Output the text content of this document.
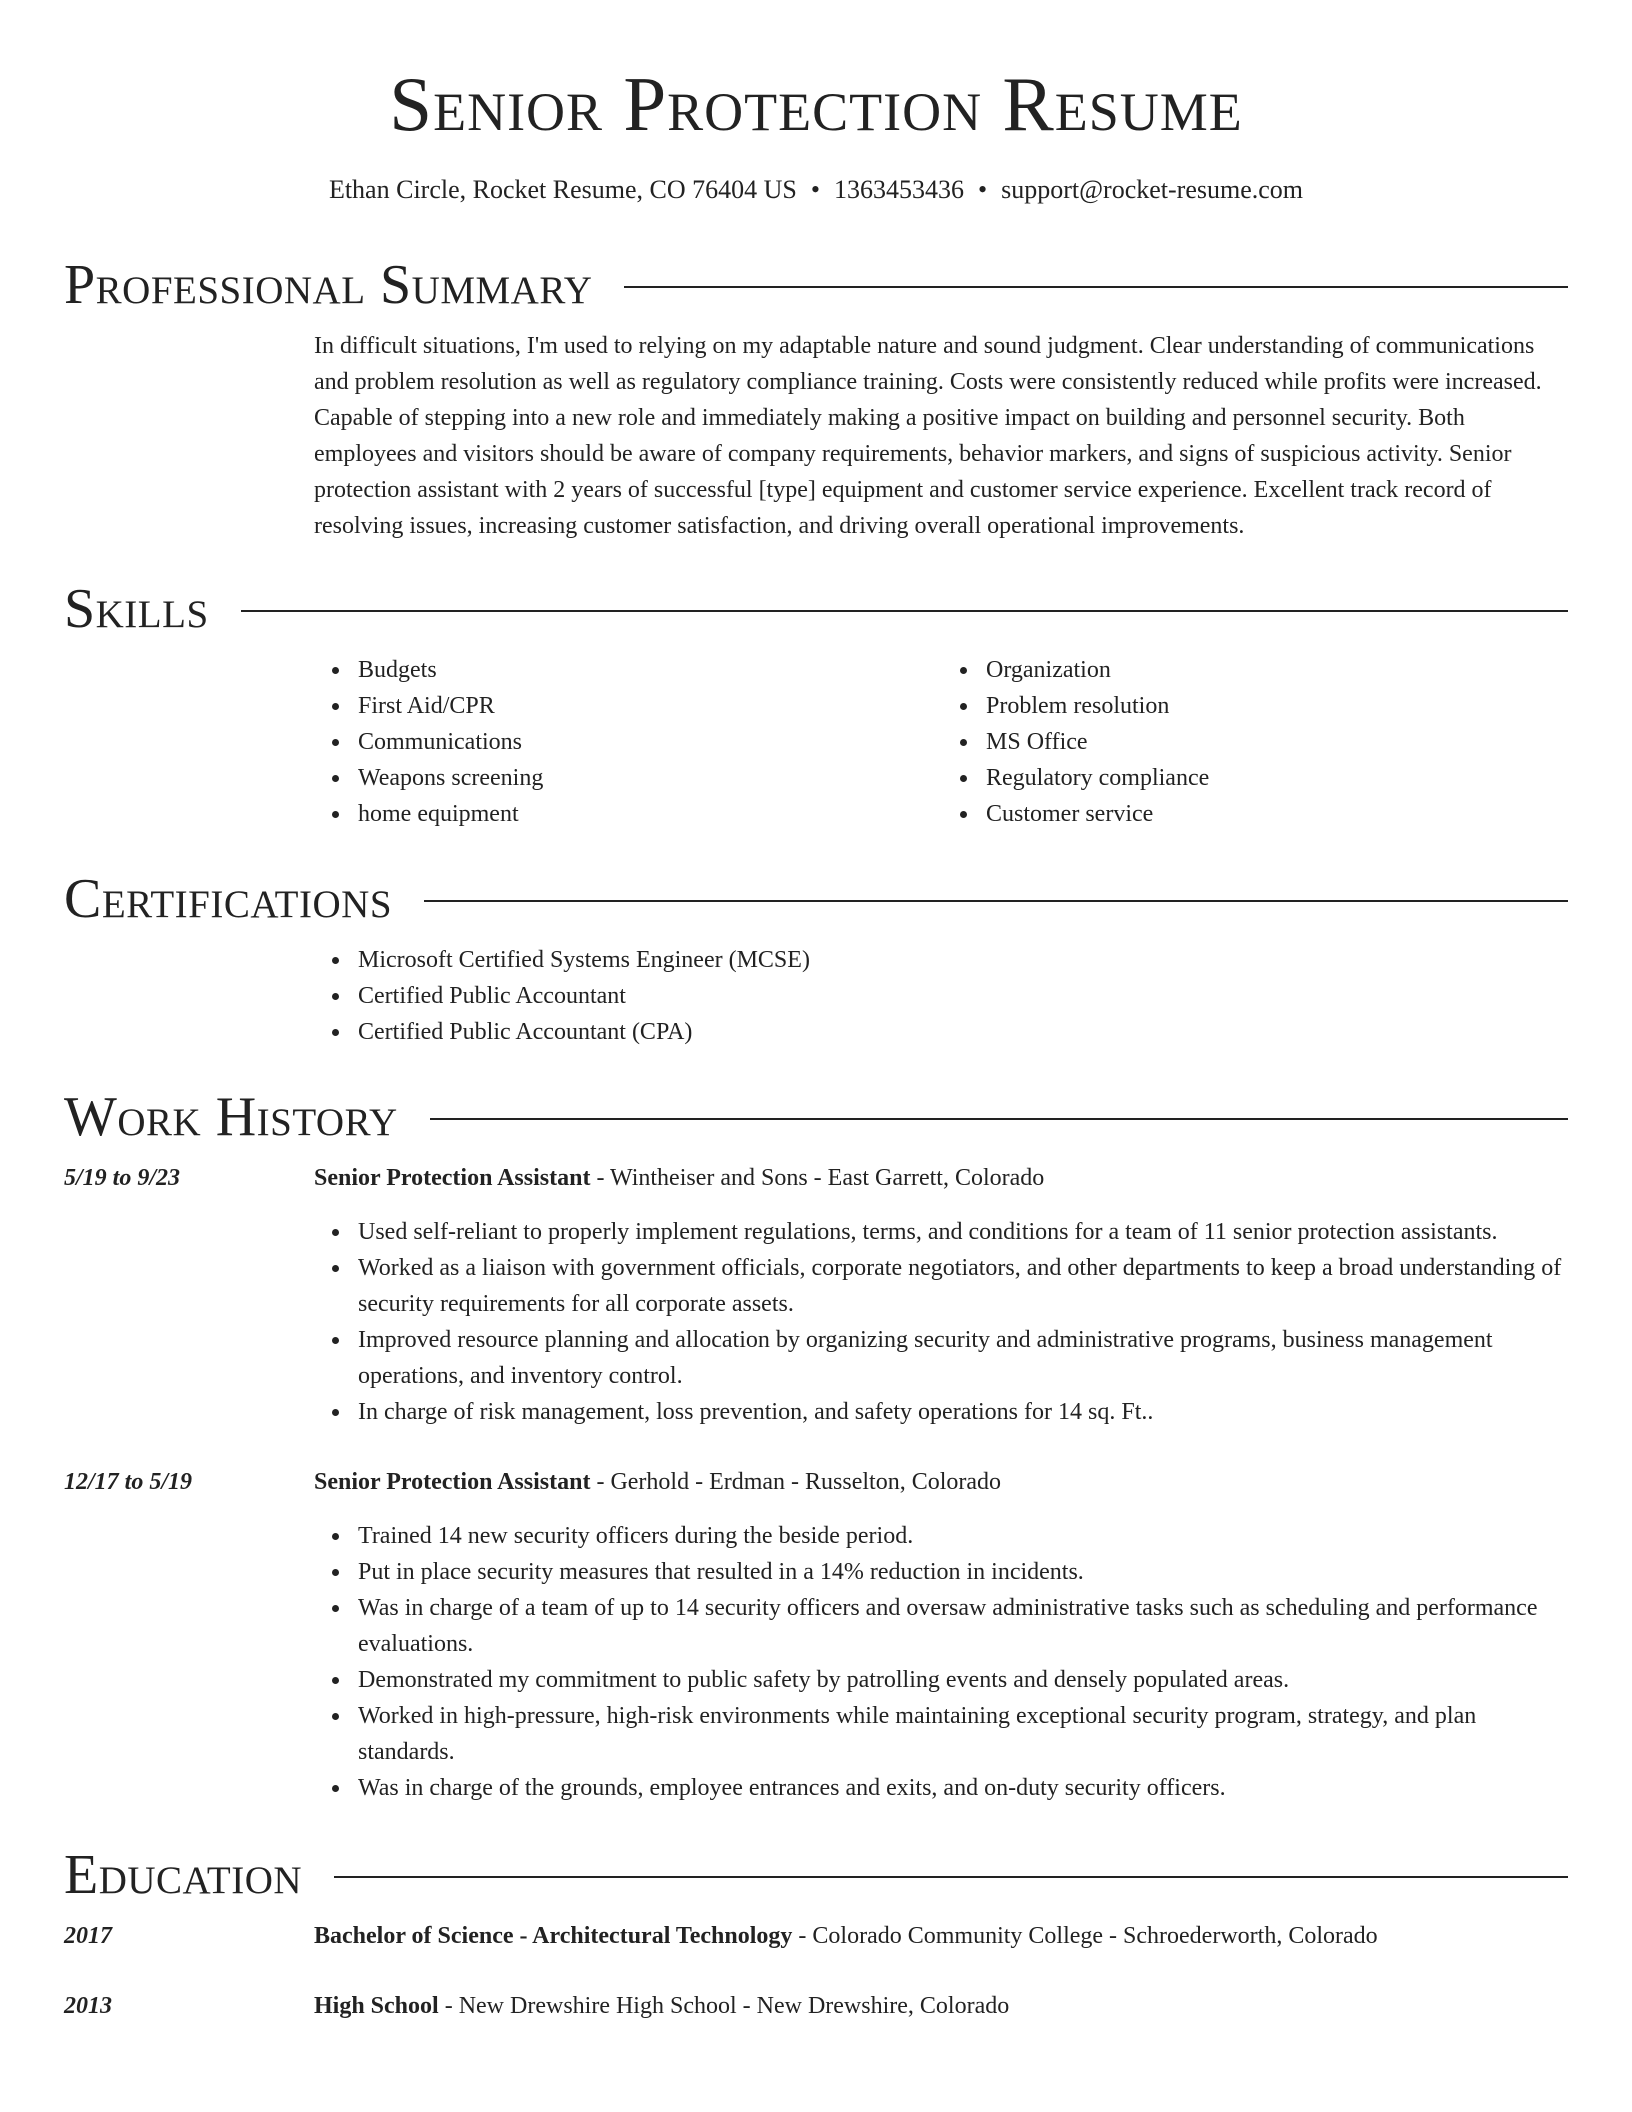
Senior Protection Resume
Ethan Circle, Rocket Resume, CO 76404 US • 1363453436 • support@rocket-resume.com
Professional Summary

In difficult situations, I'm used to relying on my adaptable nature and sound judgment. Clear understanding of communications and problem resolution as well as regulatory compliance training. Costs were consistently reduced while profits were increased. Capable of stepping into a new role and immediately making a positive impact on building and personnel security. Both employees and visitors should be aware of company requirements, behavior markers, and signs of suspicious activity. Senior protection assistant with 2 years of successful [type] equipment and customer service experience. Excellent track record of resolving issues, increasing customer satisfaction, and driving overall operational improvements.

Skills
Budgets
First Aid/CPR
Communications
Weapons screening
home equipment
Organization
Problem resolution
MS Office
Regulatory compliance
Customer service
Certifications
Microsoft Certified Systems Engineer (MCSE)
Certified Public Accountant
Certified Public Accountant (CPA)
Work History
5/19 to 9/23	Senior Protection Assistant - Wintheiser and Sons - East Garrett, Colorado
Used self-reliant to properly implement regulations, terms, and conditions for a team of 11 senior protection assistants.
Worked as a liaison with government officials, corporate negotiators, and other departments to keep a broad understanding of security requirements for all corporate assets.
Improved resource planning and allocation by organizing security and administrative programs, business management operations, and inventory control.
In charge of risk management, loss prevention, and safety operations for 14 sq. Ft..
12/17 to 5/19	Senior Protection Assistant - Gerhold - Erdman - Russelton, Colorado
Trained 14 new security officers during the beside period.
Put in place security measures that resulted in a 14% reduction in incidents.
Was in charge of a team of up to 14 security officers and oversaw administrative tasks such as scheduling and performance evaluations.
Demonstrated my commitment to public safety by patrolling events and densely populated areas.
Worked in high-pressure, high-risk environments while maintaining exceptional security program, strategy, and plan standards.
Was in charge of the grounds, employee entrances and exits, and on-duty security officers.
Education
2017	Bachelor of Science - Architectural Technology - Colorado Community College - Schroederworth, Colorado
2013	High School - New Drewshire High School - New Drewshire, Colorado
